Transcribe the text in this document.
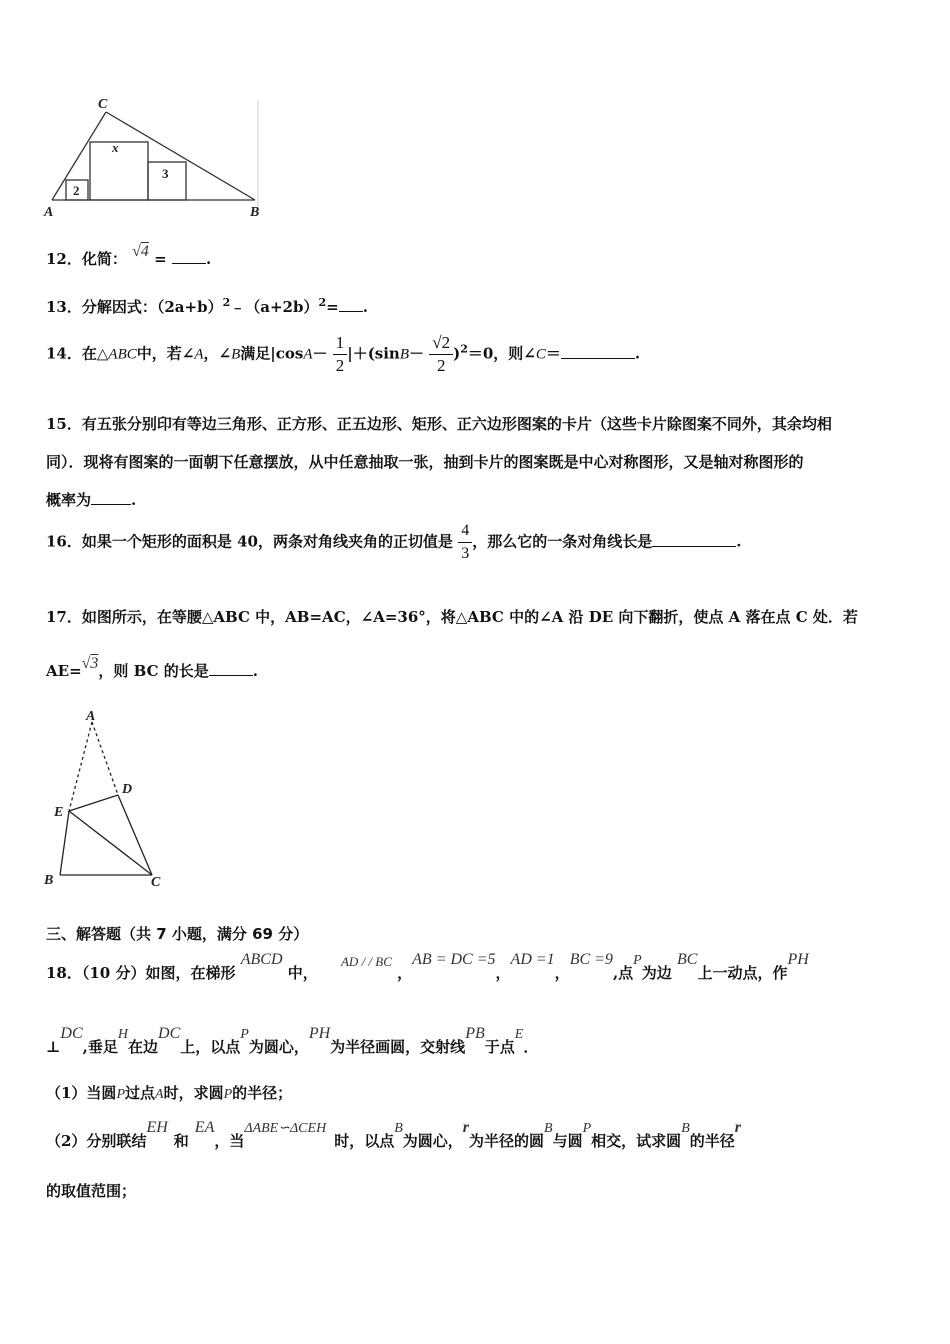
C
A	B
x
2
3
12．化简： √4 =	.
13．分解因式：$(2a+b)^2﹣(a+2b)^2=$ .
14．在△ABC中，若∠A，∠B满足$|\cos A- \frac{1}{2} |+(\sin B- \frac{√2}{2} )^2=0$，则∠C＝	.
15．有五张分别印有等边三角形、正方形、正五边形、矩形、正六边形图案的卡片（这些卡片除图案不同外，其余均相
同）．现将有图案的一面朝下任意摆放，从中任意抽取一张，抽到卡片的图案既是中心对称图形，又是轴对称图形的
概率为	.
16．如果一个矩形的面积是 40，两条对角线夹角的正切值是 $\frac{4}{3}$ ，那么它的一条对角线长是	.
17．如图所示，在等腰△ABC 中，AB=AC，∠A=36°，将△ABC 中的∠A 沿 DE 向下翻折，使点 A 落在点 C 处．若
AE=√3，则 BC 的长是	.
A
D
E
B	C
三、解答题（共 7 小题，满分 69 分）
18．（10 分）如图，在梯形 ABCD 中， AD / / BC ，AB = DC =5，AD =1，BC =9,点P为边 BC上一动点，作PH
⊥DC,垂足H在边DC上，以点P为圆心，PH为半径画圆，交射线PB于点E．
（1）当圆P过点A时，求圆P的半径；
（2）分别联结EH和EA，当ΔABE∽ΔCEH时，以点B为圆心，r为半径的圆B与圆P相交，试求圆B的半径r
的取值范围；
